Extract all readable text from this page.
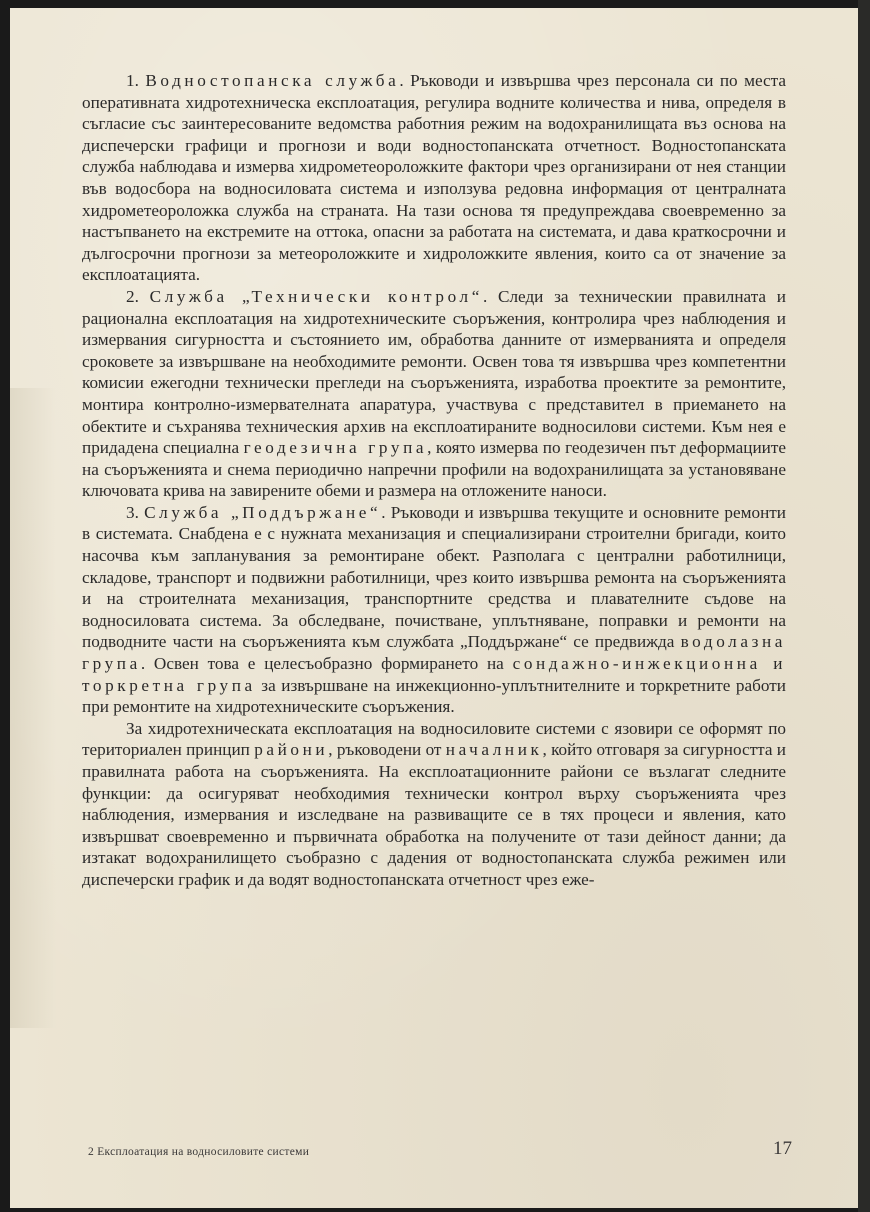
1. Водностопанска служба. Ръководи и извършва чрез персонала си по места оперативната хидротехническа експлоатация, регулира водните количества и нива, определя в съгласие със заинтересованите ведомства работния режим на водохранилищата въз основа на диспечерски графици и прогнози и води водностопанската отчетност. Водностопанската служба наблюдава и измерва хидрометеороложките фактори чрез организирани от нея станции във водосбора на водносиловата система и използува редовна информация от централната хидрометеороложка служба на страната. На тази основа тя предупреждава своевременно за настъпването на екстремите на оттока, опасни за работата на системата, и дава краткосрочни и дългосрочни прогнози за метеороложките и хидроложките явления, които са от значение за експлоатацията.

2. Служба „Технически контрол“. Следи за техническии правилната и рационална експлоатация на хидротехническите съоръжения, контролира чрез наблюдения и измервания сигурността и състоянието им, обработва данните от измерванията и определя сроковете за извършване на необходимите ремонти. Освен това тя извършва чрез компетентни комисии ежегодни технически прегледи на съоръженията, изработва проектите за ремонтите, монтира контролно-измервателната апаратура, участвува с представител в приемането на обектите и съхранява техническия архив на експлоатираните водносилови системи. Към нея е придадена специална геодезична група, която измерва по геодезичен път деформациите на съоръженията и снема периодично напречни профили на водохранилищата за установяване ключовата крива на завирените обеми и размера на отложените наноси.

3. Служба „Поддържане“. Ръководи и извършва текущите и основните ремонти в системата. Снабдена е с нужната механизация и специализирани строителни бригади, които насочва към запланувания за ремонтиране обект. Разполага с централни работилници, складове, транспорт и подвижни работилници, чрез които извършва ремонта на съоръженията и на строителната механизация, транспортните средства и плавателните съдове на водносиловата система. За обследване, почистване, уплътняване, поправки и ремонти на подводните части на съоръженията към службата „Поддържане“ се предвижда водолазна група. Освен това е целесъобразно формирането на сондажно-инжекционна и торкретна група за извършване на инжекционно-уплътнителните и торкретните работи при ремонтите на хидротехническите съоръжения.

За хидротехническата експлоатация на водносиловите системи с язовири се оформят по териториален принцип райони, ръководени от началник, който отговаря за сигурността и правилната работа на съоръженията. На експлоатационните райони се възлагат следните функции: да осигуряват необходимия технически контрол върху съоръженията чрез наблюдения, измервания и изследване на развиващите се в тях процеси и явления, като извършват своевременно и първичната обработка на получените от тази дейност данни; да изтакат водохранилището съобразно с дадения от водностопанската служба режимен или диспечерски график и да водят водностопанската отчетност чрез еже-

2 Експлоатация на водносиловите системи	17
